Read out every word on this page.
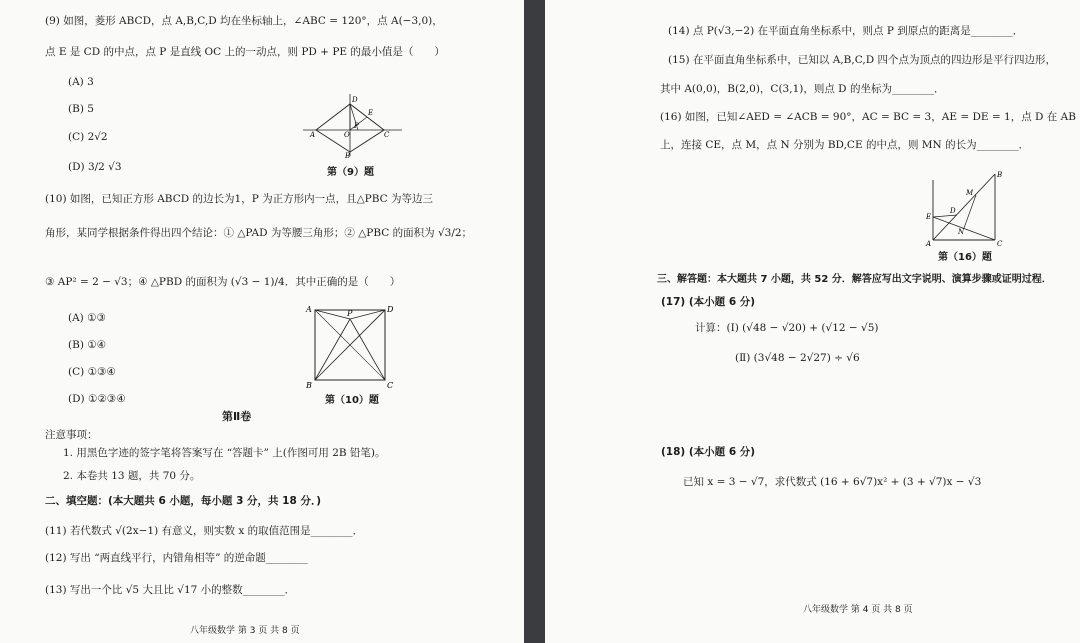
(9) 如图，菱形 ABCD，点 A,B,C,D 均在坐标轴上，∠ABC = 120°，点 A(−3,0)，
点 E 是 CD 的中点，点 P 是直线 OC 上的一动点，则 PD + PE 的最小值是（　　）
(A) 3
(B) 5
(C) 2√2
(D) 3/2 √3
D
E
A	O
P
C
B
第（9）题
(10) 如图，已知正方形 ABCD 的边长为1，P 为正方形内一点，且△PBC 为等边三
角形，某同学根据条件得出四个结论：① △PAD 为等腰三角形；② △PBC 的面积为 √3/2；
③ AP² = 2 − √3；④ △PBD 的面积为 (√3 − 1)/4．其中正确的是（　　）
(A) ①③
(B) ①④
(C) ①③④
(D) ①②③④
A	P	D
B	C
第（10）题
第Ⅱ卷
注意事项：
1. 用黑色字迹的签字笔将答案写在 “答题卡” 上(作图可用 2B 铅笔)。
2. 本卷共 13 题，共 70 分。
二、填空题：(本大题共 6 小题，每小题 3 分，共 18 分．)
(11) 若代数式 √(2x−1) 有意义，则实数 x 的取值范围是________．
(12) 写出 “两直线平行，内错角相等” 的逆命题________
(13) 写出一个比 √5 大且比 √17 小的整数________．
八年级数学 第 3 页 共 8 页
(14) 点 P(√3,−2) 在平面直角坐标系中，则点 P 到原点的距离是________．
(15) 在平面直角坐标系中，已知以 A,B,C,D 四个点为顶点的四边形是平行四边形，
其中 A(0,0)，B(2,0)，C(3,1)，则点 D 的坐标为________．
(16) 如图，已知∠AED = ∠ACB = 90°，AC = BC = 3，AE = DE = 1，点 D 在 AB
上，连接 CE，点 M，点 N 分别为 BD,CE 的中点，则 MN 的长为________．
B
M
D
E
N
A	C
第（16）题
三、解答题：本大题共 7 小题，共 52 分．解答应写出文字说明、演算步骤或证明过程．
(17) (本小题 6 分)
计算：(Ⅰ) (√48 − √20) + (√12 − √5)
(Ⅱ) (3√48 − 2√27) ÷ √6
(18) (本小题 6 分)
已知 x = 3 − √7，求代数式 (16 + 6√7)x² + (3 + √7)x − √3
八年级数学 第 4 页 共 8 页
